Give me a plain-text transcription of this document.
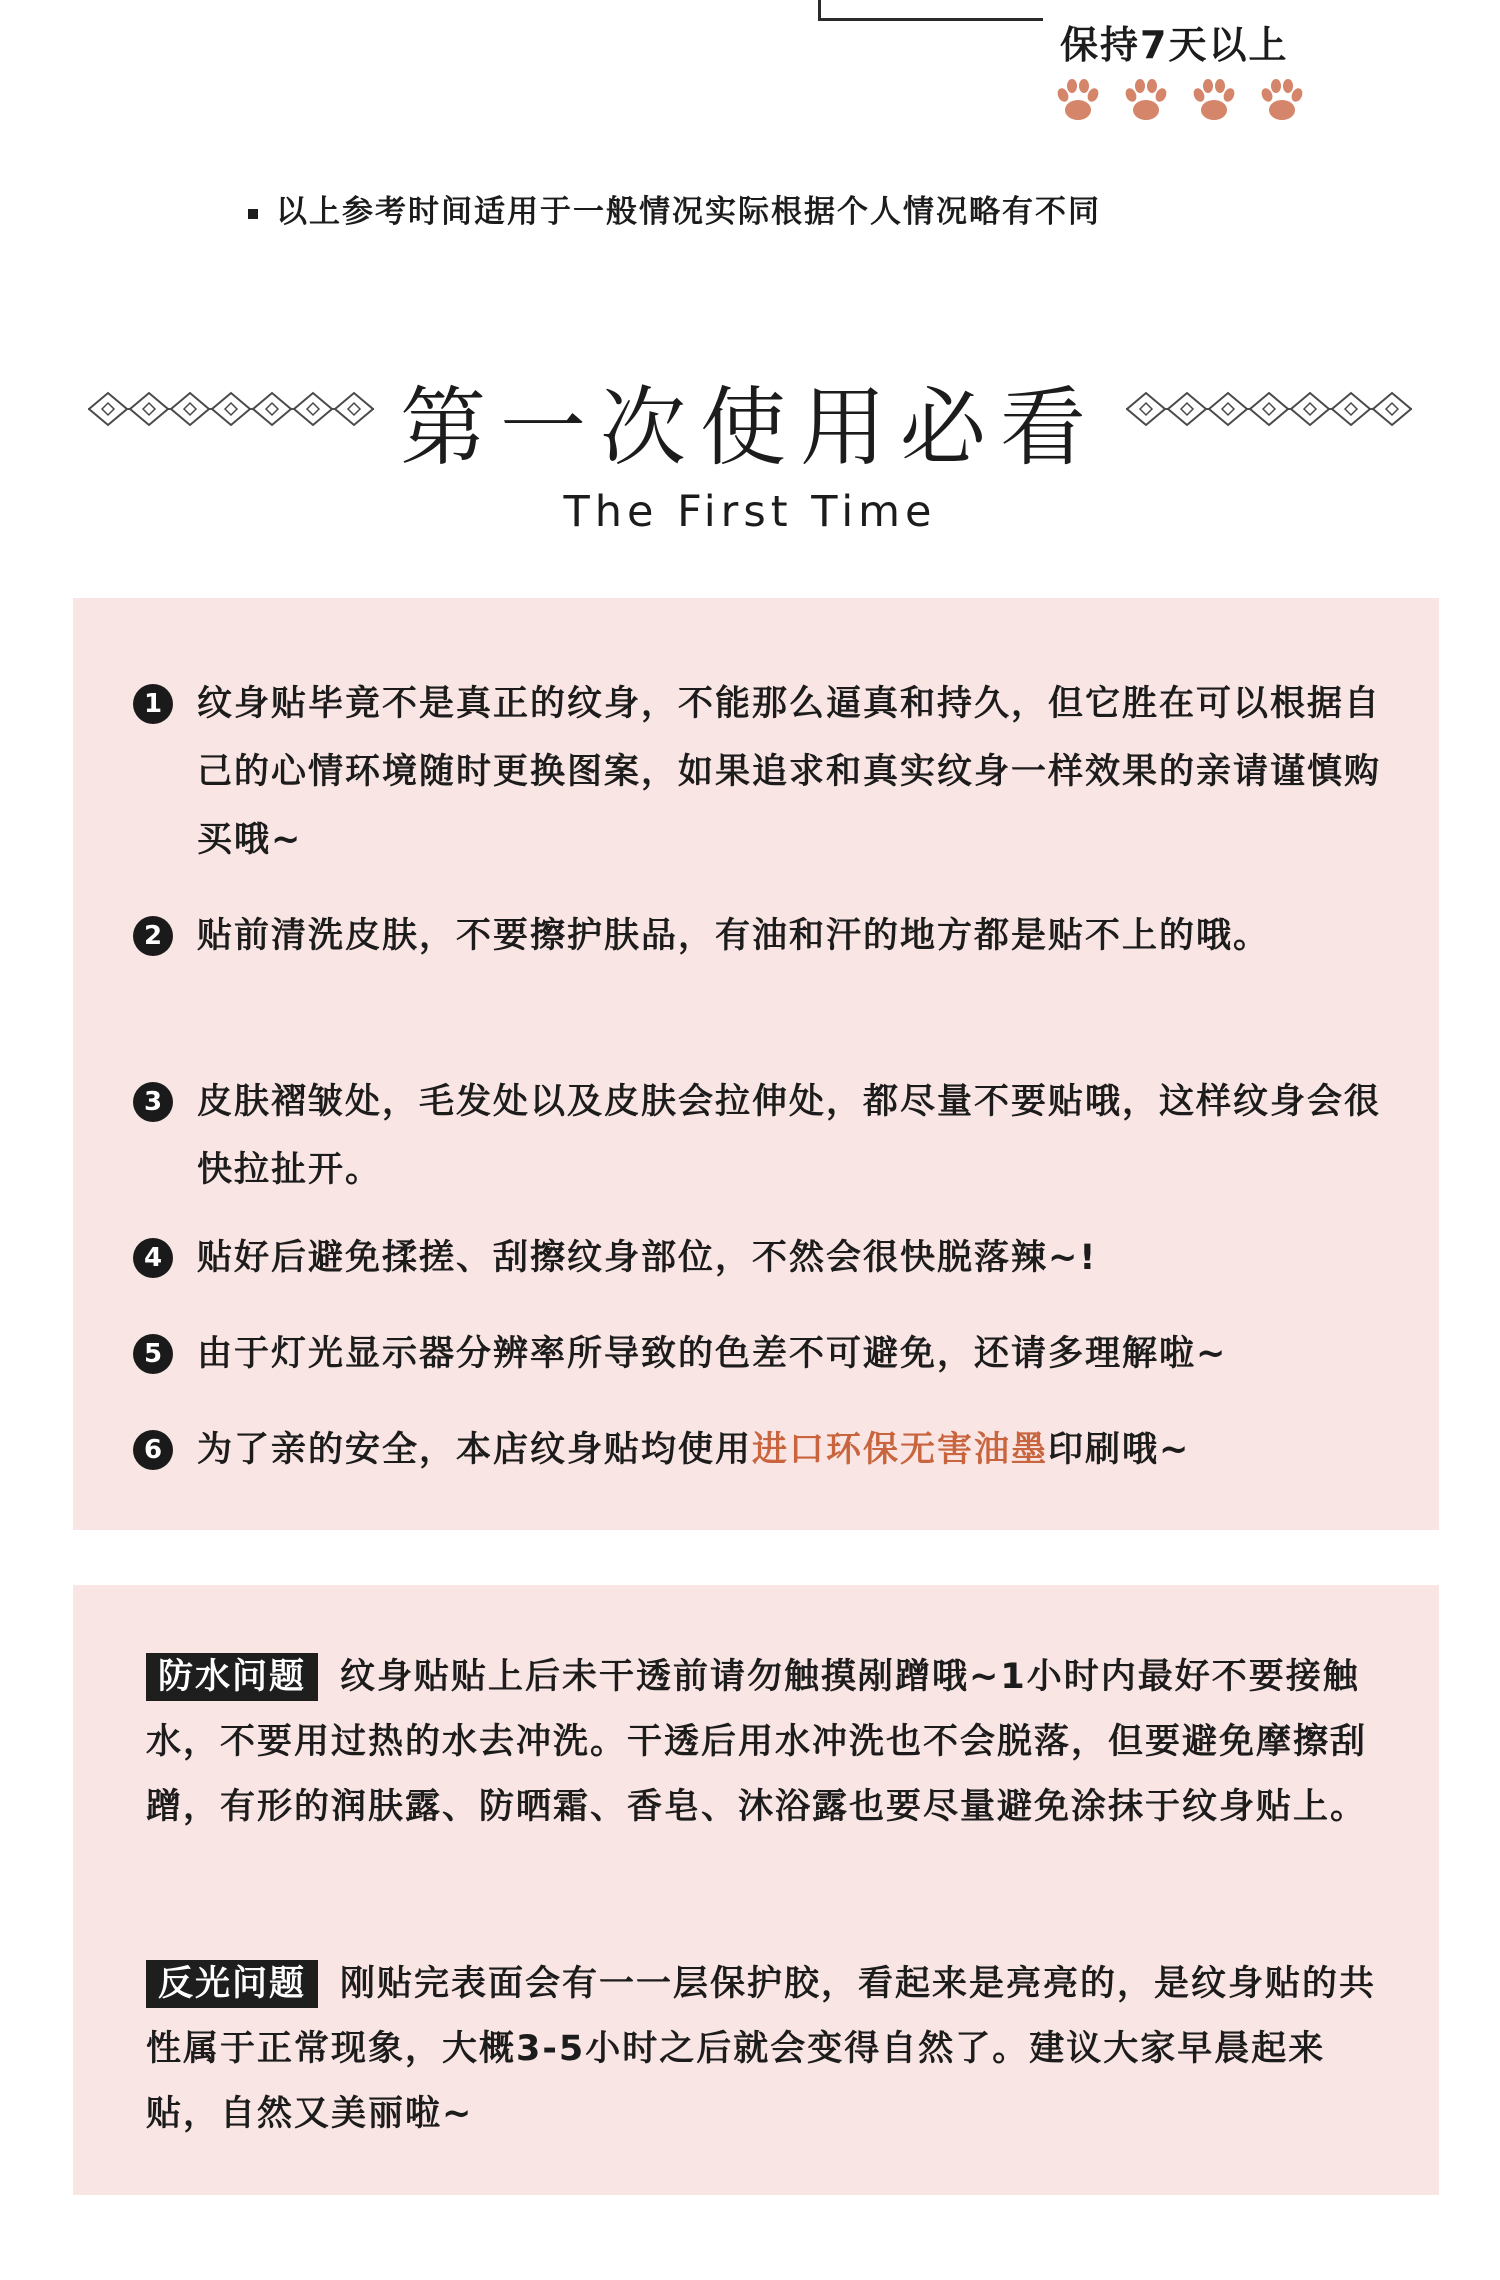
保持7天以上
以上参考时间适用于一般情况实际根据个人情况略有不同
第一次使用必看
The First Time
1 纹身贴毕竟不是真正的纹身，不能那么逼真和持久，但它胜在可以根据自己的心情环境随时更换图案，如果追求和真实纹身一样效果的亲请谨慎购买哦~
2 贴前清洗皮肤，不要擦护肤品，有油和汗的地方都是贴不上的哦。
3 皮肤褶皱处，毛发处以及皮肤会拉伸处，都尽量不要贴哦，这样纹身会很快拉扯开。
4 贴好后避免揉搓、刮擦纹身部位，不然会很快脱落辣~!
5 由于灯光显示器分辨率所导致的色差不可避免，还请多理解啦~
6 为了亲的安全，本店纹身贴均使用进口环保无害油墨印刷哦~
防水问题 纹身贴贴上后未干透前请勿触摸剐蹭哦~1小时内最好不要接触水，不要用过热的水去冲洗。干透后用水冲洗也不会脱落，但要避免摩擦刮蹭，有形的润肤露、防晒霜、香皂、沐浴露也要尽量避免涂抹于纹身贴上。
反光问题 刚贴完表面会有一一层保护胶，看起来是亮亮的，是纹身贴的共性属于正常现象，大概3-5小时之后就会变得自然了。建议大家早晨起来贴，自然又美丽啦~
